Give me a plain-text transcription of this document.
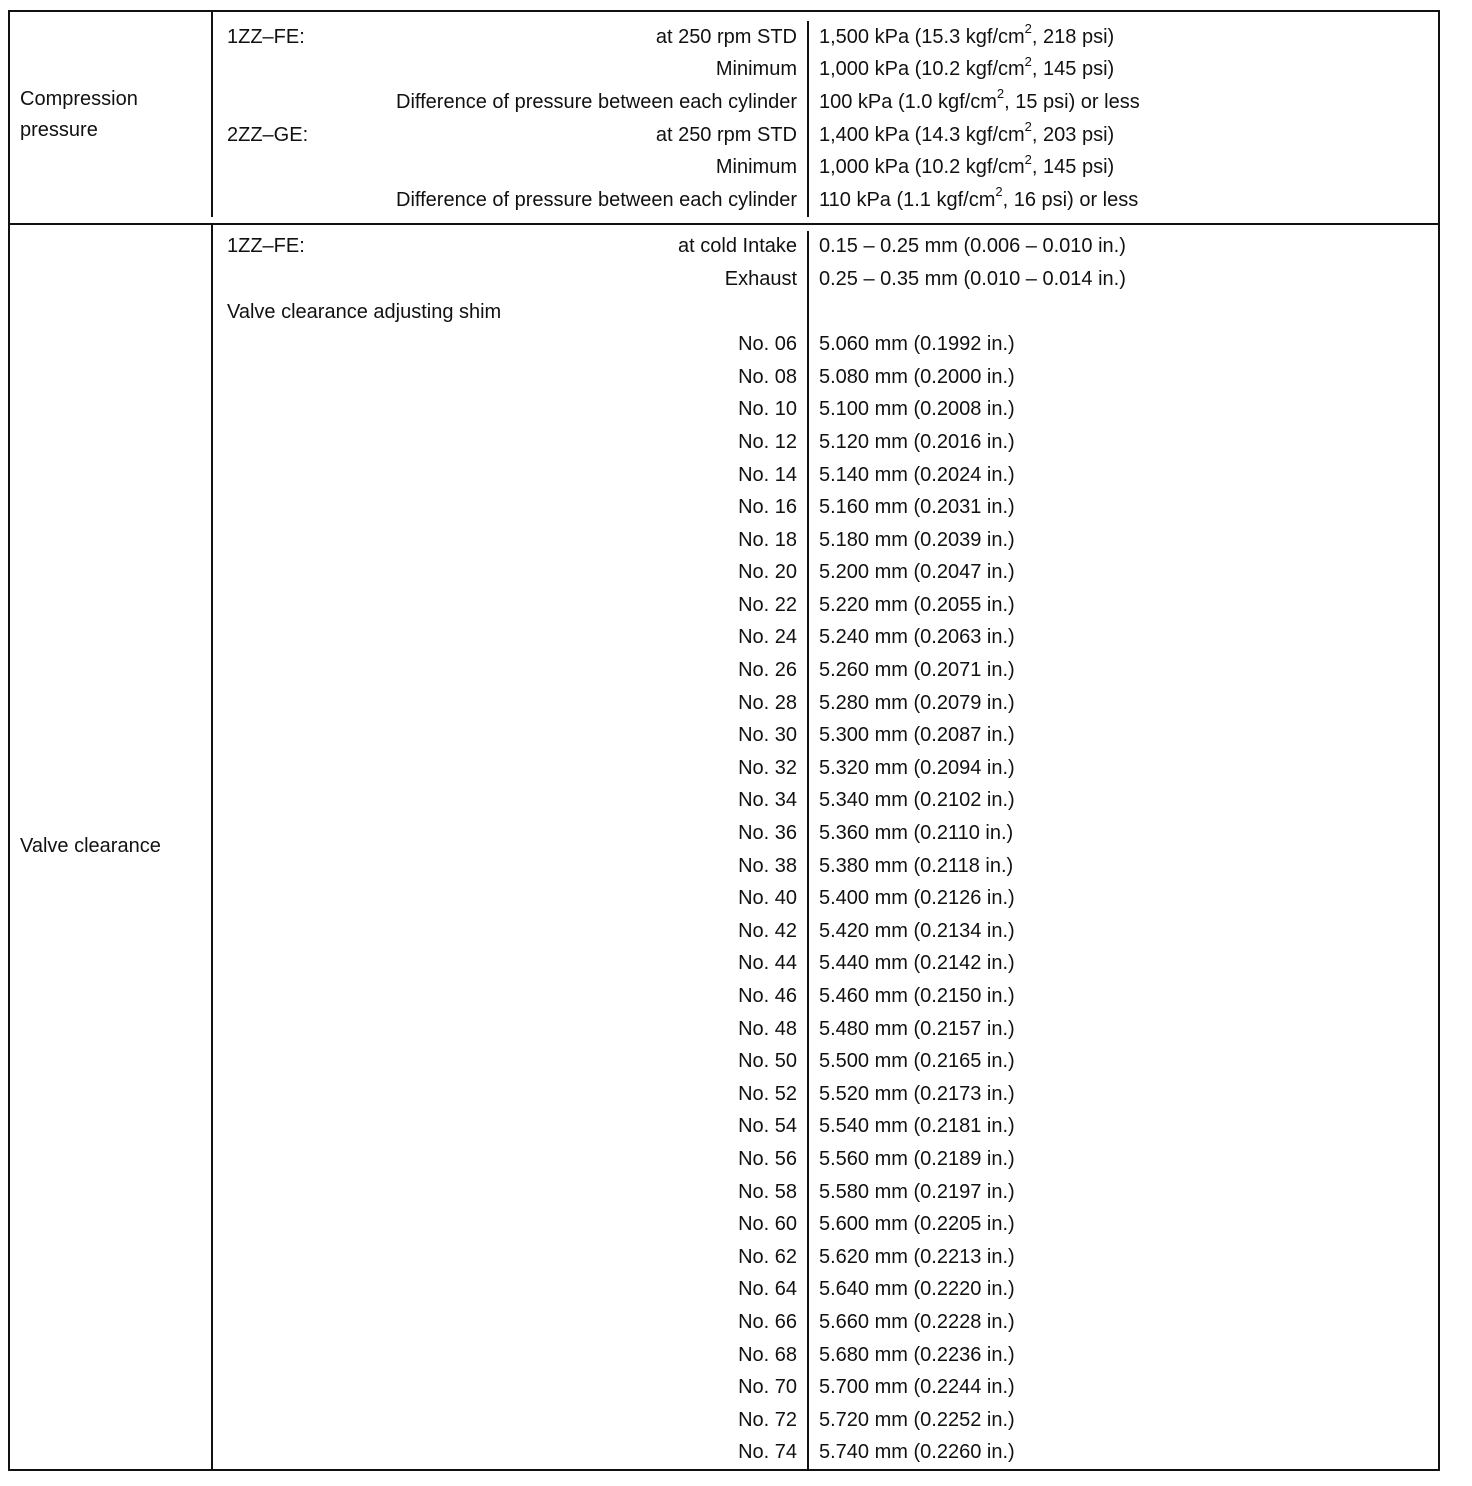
Compression
pressure
1ZZ–FE:	at 250 rpm STD	1,500 kPa (15.3 kgf/$cm^2$, 218 psi)
Minimum	1,000 kPa (10.2 kgf/$cm^2$, 145 psi)
Difference of pressure between each cylinder	100 kPa (1.0 kgf/$cm^2$, 15 psi) or less
2ZZ–GE:	at 250 rpm STD	1,400 kPa (14.3 kgf/$cm^2$, 203 psi)
Minimum	1,000 kPa (10.2 kgf/$cm^2$, 145 psi)
Difference of pressure between each cylinder	110 kPa (1.1 kgf/$cm^2$, 16 psi) or less
Valve clearance
1ZZ–FE:	at cold Intake	0.15 – 0.25 mm (0.006 – 0.010 in.)
Exhaust	0.25 – 0.35 mm (0.010 – 0.014 in.)
Valve clearance adjusting shim
No. 06	5.060 mm (0.1992 in.)
No. 08	5.080 mm (0.2000 in.)
No. 10	5.100 mm (0.2008 in.)
No. 12	5.120 mm (0.2016 in.)
No. 14	5.140 mm (0.2024 in.)
No. 16	5.160 mm (0.2031 in.)
No. 18	5.180 mm (0.2039 in.)
No. 20	5.200 mm (0.2047 in.)
No. 22	5.220 mm (0.2055 in.)
No. 24	5.240 mm (0.2063 in.)
No. 26	5.260 mm (0.2071 in.)
No. 28	5.280 mm (0.2079 in.)
No. 30	5.300 mm (0.2087 in.)
No. 32	5.320 mm (0.2094 in.)
No. 34	5.340 mm (0.2102 in.)
No. 36	5.360 mm (0.2110 in.)
No. 38	5.380 mm (0.2118 in.)
No. 40	5.400 mm (0.2126 in.)
No. 42	5.420 mm (0.2134 in.)
No. 44	5.440 mm (0.2142 in.)
No. 46	5.460 mm (0.2150 in.)
No. 48	5.480 mm (0.2157 in.)
No. 50	5.500 mm (0.2165 in.)
No. 52	5.520 mm (0.2173 in.)
No. 54	5.540 mm (0.2181 in.)
No. 56	5.560 mm (0.2189 in.)
No. 58	5.580 mm (0.2197 in.)
No. 60	5.600 mm (0.2205 in.)
No. 62	5.620 mm (0.2213 in.)
No. 64	5.640 mm (0.2220 in.)
No. 66	5.660 mm (0.2228 in.)
No. 68	5.680 mm (0.2236 in.)
No. 70	5.700 mm (0.2244 in.)
No. 72	5.720 mm (0.2252 in.)
No. 74	5.740 mm (0.2260 in.)
